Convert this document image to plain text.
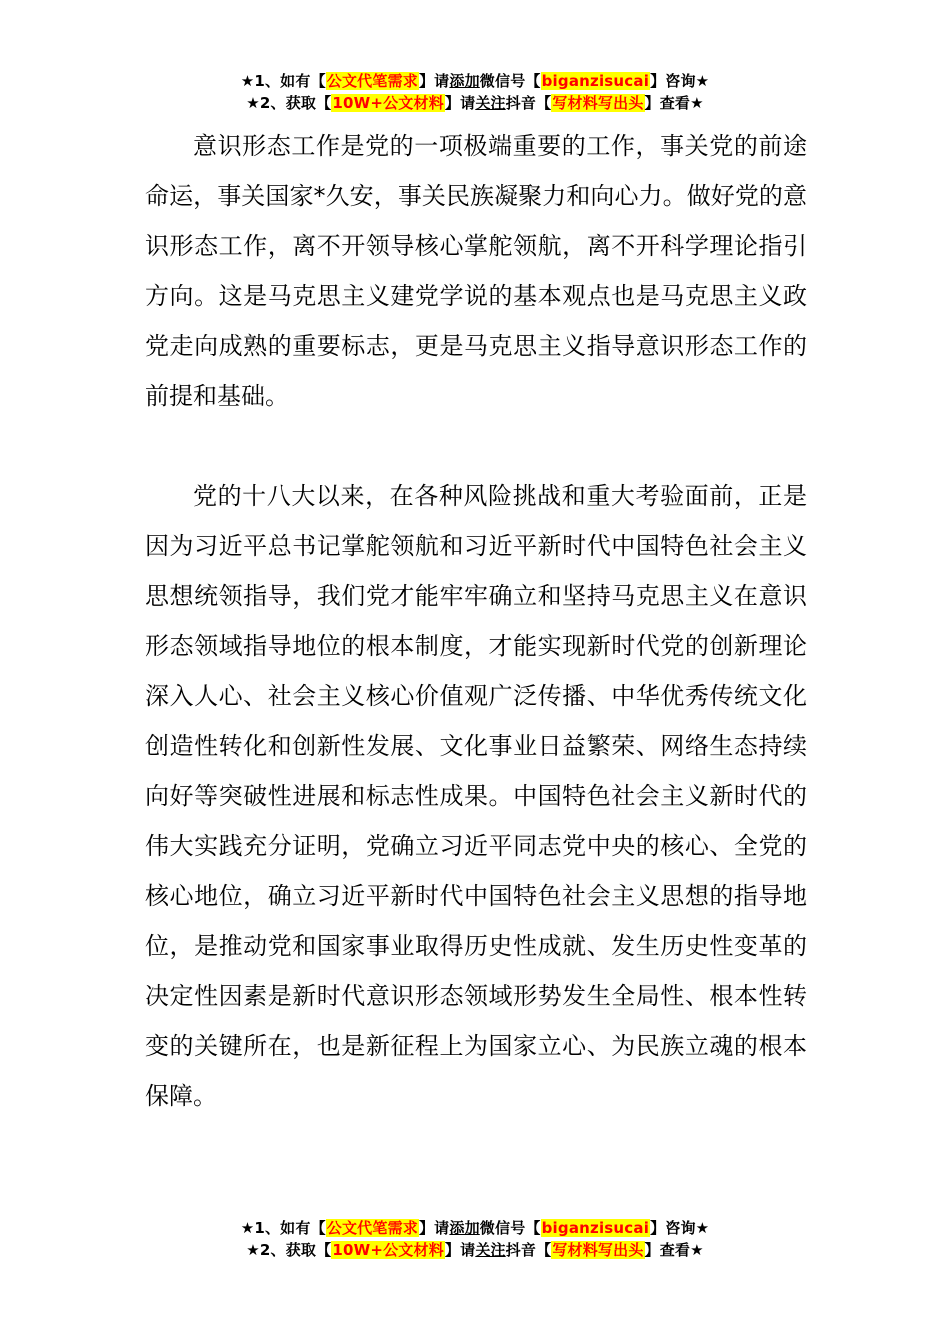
★1、如有【公文代笔需求】请添加微信号【biganzisucai】咨询★
★2、获取【10W+公文材料】请关注抖音【写材料写出头】查看★

意识形态工作是党的一项极端重要的工作，事关党的前途命运，事关国家*久安，事关民族凝聚力和向心力。做好党的意识形态工作，离不开领导核心掌舵领航，离不开科学理论指引方向。这是马克思主义建党学说的基本观点也是马克思主义政党走向成熟的重要标志，更是马克思主义指导意识形态工作的前提和基础。

党的十八大以来，在各种风险挑战和重大考验面前，正是因为习近平总书记掌舵领航和习近平新时代中国特色社会主义思想统领指导，我们党才能牢牢确立和坚持马克思主义在意识形态领域指导地位的根本制度，才能实现新时代党的创新理论深入人心、社会主义核心价值观广泛传播、中华优秀传统文化创造性转化和创新性发展、文化事业日益繁荣、网络生态持续向好等突破性进展和标志性成果。中国特色社会主义新时代的伟大实践充分证明，党确立习近平同志党中央的核心、全党的核心地位，确立习近平新时代中国特色社会主义思想的指导地位，是推动党和国家事业取得历史性成就、发生历史性变革的决定性因素是新时代意识形态领域形势发生全局性、根本性转变的关键所在，也是新征程上为国家立心、为民族立魂的根本保障。

★1、如有【公文代笔需求】请添加微信号【biganzisucai】咨询★
★2、获取【10W+公文材料】请关注抖音【写材料写出头】查看★
